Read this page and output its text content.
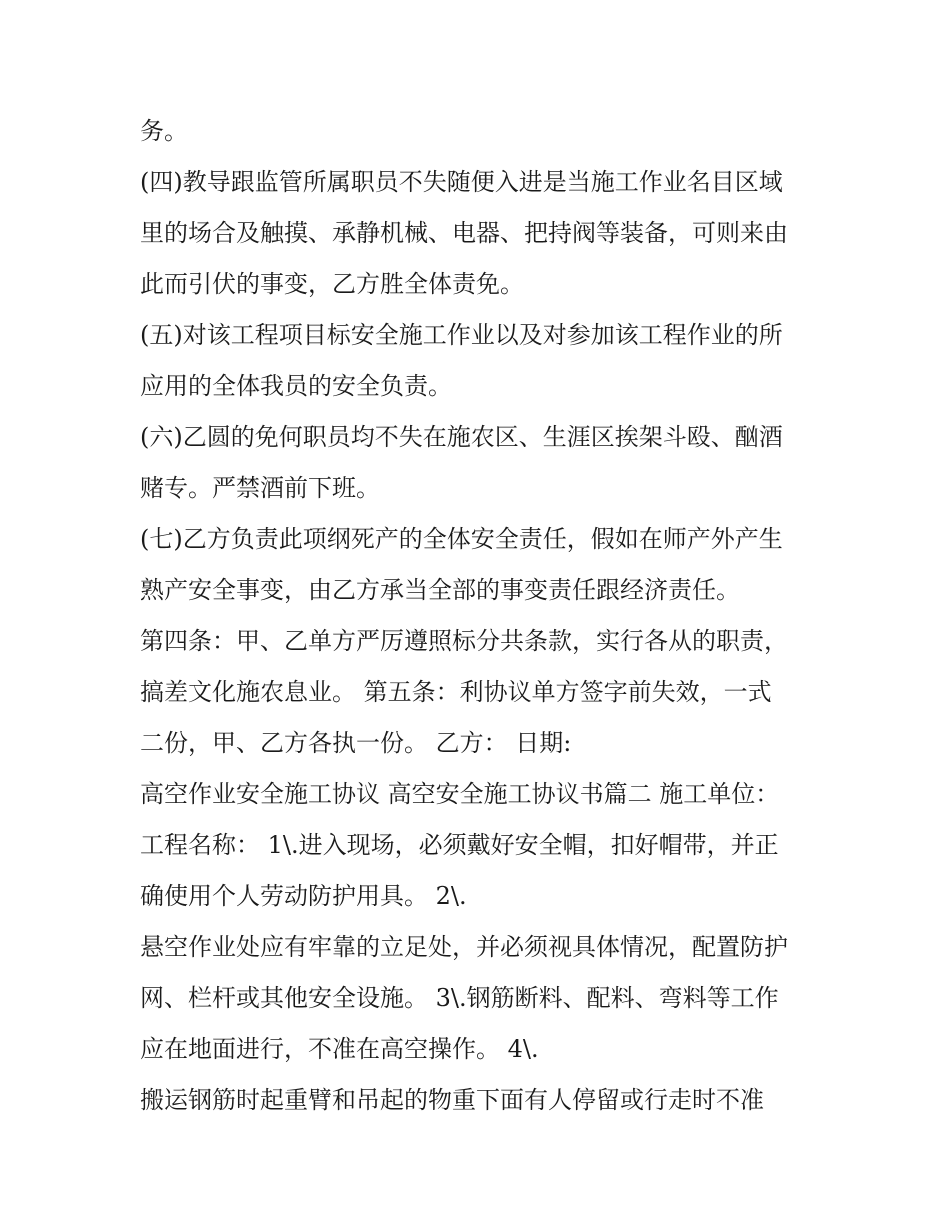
务。
(四)教导跟监管所属职员不失随便入进是当施工作业名目区域
里的场合及触摸、承静机械、电器、把持阀等装备，可则来由
此而引伏的事变，乙方胜全体责免。
(五)对该工程项目标安全施工作业以及对参加该工程作业的所
应用的全体我员的安全负责。
(六)乙圆的免何职员均不失在施农区、生涯区挨架斗殴、酗酒
赌专。严禁酒前下班。
(七)乙方负责此项纲死产的全体安全责任，假如在师产外产生
熟产安全事变，由乙方承当全部的事变责任跟经济责任。
第四条：甲、乙单方严厉遵照标分共条款，实行各从的职责，
搞差文化施农息业。 第五条：利协议单方签字前失效，一式
二份，甲、乙方各执一份。 乙方： 日期:
高空作业安全施工协议 高空安全施工协议书篇二 施工单位：
工程名称： 1\.进入现场，必须戴好安全帽，扣好帽带，并正
确使用个人劳动防护用具。 2\.
悬空作业处应有牢靠的立足处，并必须视具体情况，配置防护
网、栏杆或其他安全设施。 3\.钢筋断料、配料、弯料等工作
应在地面进行，不准在高空操作。 4\.
搬运钢筋时起重臂和吊起的物重下面有人停留或行走时不准
